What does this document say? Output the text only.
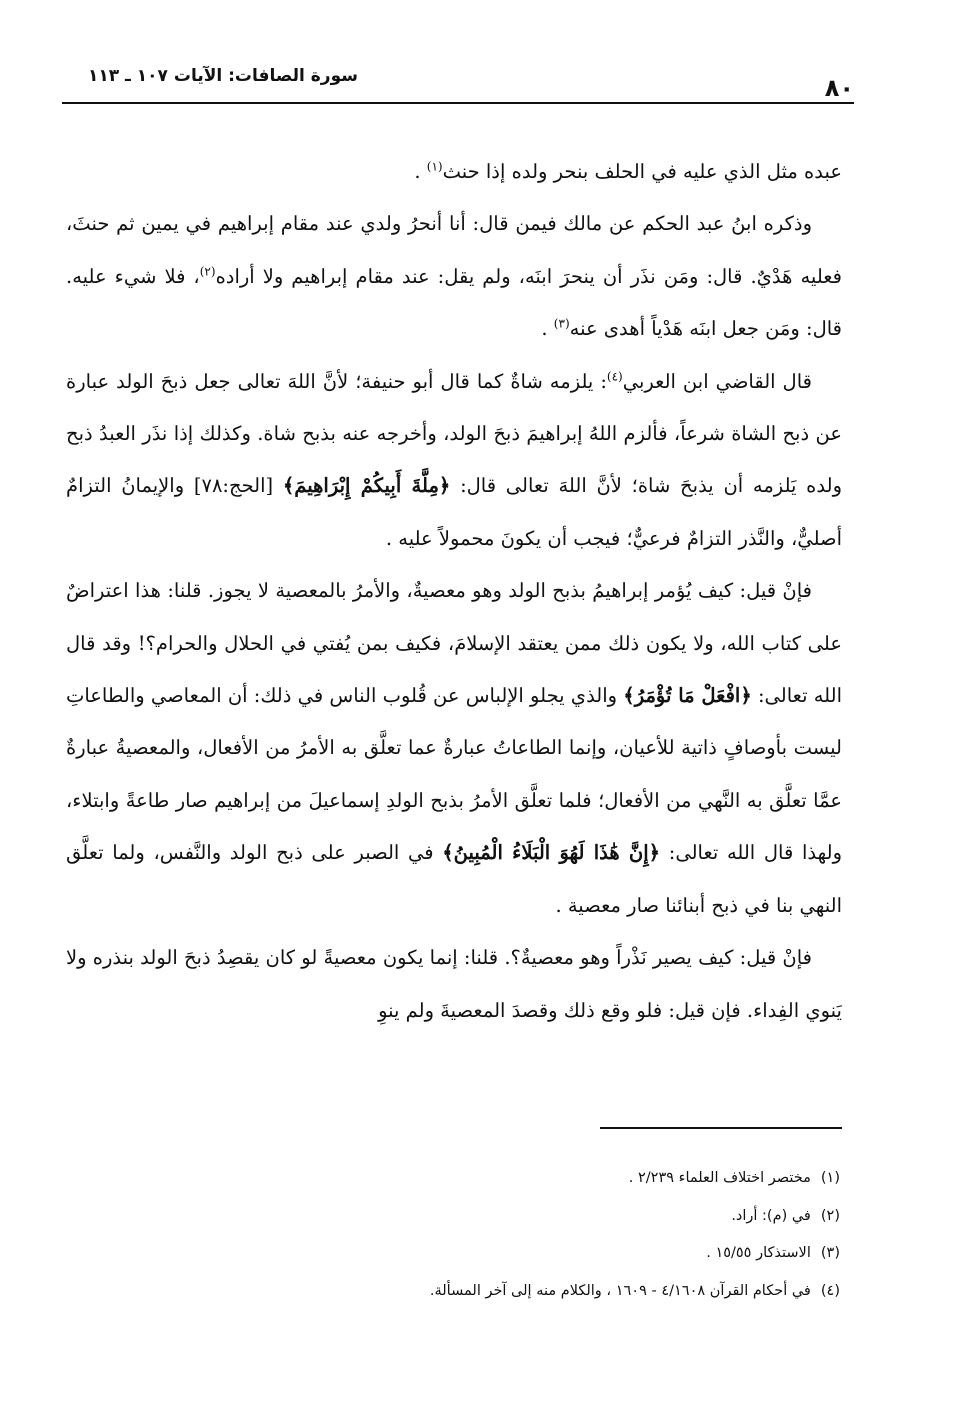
٨٠
سورة الصافات: الآيات ١٠٧ ـ ١١٣

عبده مثل الذي عليه في الحلف بنحر ولده إذا حنث$^{(١)}$ .

وذكره ابنُ عبد الحكم عن مالك فيمن قال: أنا أنحرُ ولدي عند مقام إبراهيم في يمين ثم حنثَ، فعليه هَدْيٌ. قال: ومَن نذَر أن ينحرَ ابنَه، ولم يقل: عند مقام إبراهيم ولا أراده$^{(٢)}$، فلا شيء عليه. قال: ومَن جعل ابنَه هَدْياً أهدى عنه$^{(٣)}$ .

قال القاضي ابن العربي$^{(٤)}$: يلزمه شاةٌ كما قال أبو حنيفة؛ لأنَّ اللهَ تعالى جعل ذبحَ الولد عبارة عن ذبح الشاة شرعاً، فألزم اللهُ إبراهيمَ ذبحَ الولد، وأخرجه عنه بذبح شاة. وكذلك إذا نذَر العبدُ ذبح ولده يَلزمه أن يذبحَ شاة؛ لأنَّ اللهَ تعالى قال: ﴿مِلَّةَ أَبِيكُمْ إِبْرَاهِيمَ﴾ [الحج:٧٨] والإيمانُ التزامٌ أصليٌّ، والنَّذر التزامٌ فرعيٌّ؛ فيجب أن يكونَ محمولاً عليه .

فإنْ قيل: كيف يُؤمر إبراهيمُ بذبح الولد وهو معصيةٌ، والأمرُ بالمعصية لا يجوز. قلنا: هذا اعتراضٌ على كتاب الله، ولا يكون ذلك ممن يعتقد الإسلامَ، فكيف بمن يُفتي في الحلال والحرام؟! وقد قال الله تعالى: ﴿افْعَلْ مَا تُؤْمَرُ﴾ والذي يجلو الإلباس عن قُلوب الناس في ذلك: أن المعاصي والطاعاتِ ليست بأوصافٍ ذاتية للأعيان، وإنما الطاعاتُ عبارةٌ عما تعلَّق به الأمرُ من الأفعال، والمعصيةُ عبارةٌ عمَّا تعلَّق به النَّهي من الأفعال؛ فلما تعلَّق الأمرُ بذبح الولدِ إسماعيلَ من إبراهيم صار طاعةً وابتلاء، ولهذا قال الله تعالى: ﴿إِنَّ هَٰذَا لَهُوَ الْبَلَاءُ الْمُبِينُ﴾ في الصبر على ذبح الولد والنَّفس، ولما تعلَّق النهي بنا في ذبح أبنائنا صار معصية .

فإنْ قيل: كيف يصير نَذْراً وهو معصيةٌ؟. قلنا: إنما يكون معصيةً لو كان يقصِدُ ذبحَ الولد بنذره ولا يَنوي الفِداء. فإن قيل: فلو وقع ذلك وقصدَ المعصيةَ ولم ينوِ

(١)مختصر اختلاف العلماء ٢/٢٣٩ .
(٢)في (م): أراد.
(٣)الاستذكار ١٥/٥٥ .
(٤)في أحكام القرآن ٤/١٦٠٨ - ١٦٠٩ ، والكلام منه إلى آخر المسألة.
